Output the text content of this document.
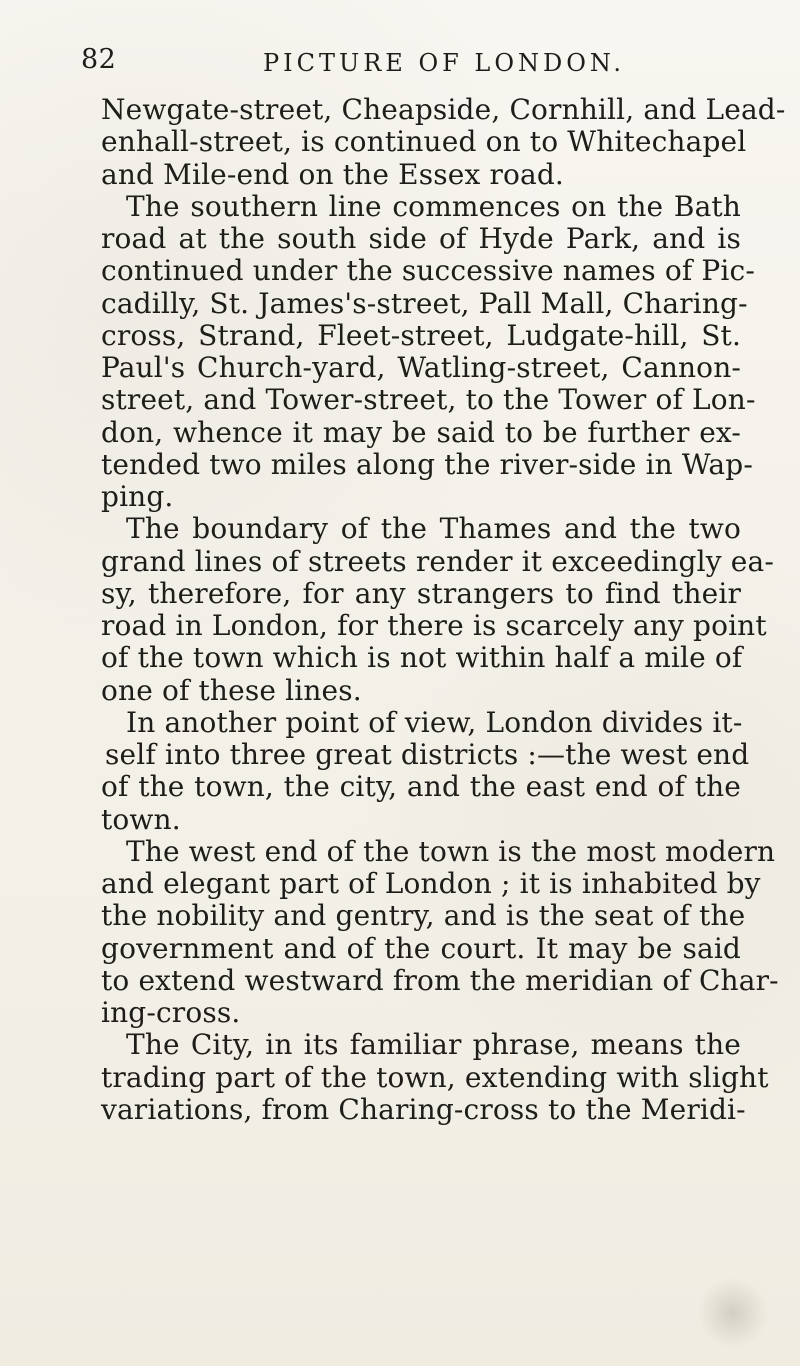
82	PICTURE OF LONDON.
Newgate-street, Cheapside, Cornhill, and Lead-
enhall-street, is continued on to Whitechapel
and Mile-end on the Essex road.
The southern line commences on the Bath
road at the south side of Hyde Park, and is
continued under the successive names of Pic-
cadilly, St. James's-street, Pall Mall, Charing-
cross, Strand, Fleet-street, Ludgate-hill, St.
Paul's Church-yard, Watling-street, Cannon-
street, and Tower-street, to the Tower of Lon-
don, whence it may be said to be further ex-
tended two miles along the river-side in Wap-
ping.
The boundary of the Thames and the two
grand lines of streets render it exceedingly ea-
sy, therefore, for any strangers to find their
road in London, for there is scarcely any point
of the town which is not within half a mile of
one of these lines.
In another point of view, London divides it-
self into three great districts :—the west end
of the town, the city, and the east end of the
town.
The west end of the town is the most modern
and elegant part of London ; it is inhabited by
the nobility and gentry, and is the seat of the
government and of the court. It may be said
to extend westward from the meridian of Char-
ing-cross.
The City, in its familiar phrase, means the
trading part of the town, extending with slight
variations, from Charing-cross to the Meridi-
